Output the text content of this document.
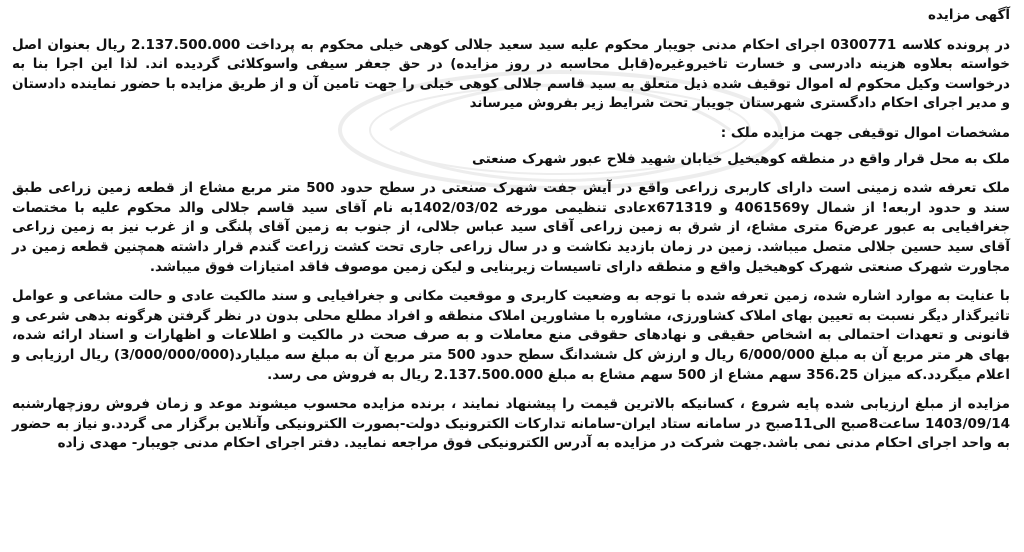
آگهی مزایده

در پرونده کلاسه 0300771 اجرای احکام مدنی جویبار محکوم علیه سید سعید جلالی کوهی خیلی محکوم به پرداخت 2.137.500.000 ریال بعنوان اصل خواسته بعلاوه هزینه دادرسی و خسارت تاخیروغیره(قابل محاسبه در روز مزایده) در حق جعفر سیفی واسوکلائی گردیده اند. لذا این اجرا بنا به درخواست وکیل محکوم له اموال توقیف شده ذیل متعلق به سید قاسم جلالی کوهی خیلی را جهت تامین آن و از طریق مزایده با حضور نماینده دادستان و مدیر اجرای احکام دادگستری شهرستان جویبار تحت شرایط زیر بفروش میرساند

مشخصات اموال توقیفی جهت مزایده ملک :

ملک به محل قرار واقع در منطقه کوهیخیل خیابان شهید فلاح عبور شهرک صنعتی

ملک تعرفه شده زمینی است دارای کاربری زراعی واقع در آیش جفت شهرک صنعتی در سطح حدود 500 متر مربع مشاع از قطعه زمین زراعی طبق سند و حدود اربعه! از شمال 4061569y و x671319عادی تنظیمی مورخه 1402/03/02به نام آقای سید قاسم جلالی والد محکوم علیه با مختصات جغرافیایی به عبور عرض6 متری مشاع، از شرق به زمین زراعی آقای سید عباس جلالی، از جنوب به زمین آقای پلنگی و از غرب نیز به زمین زراعی آقای سید حسین جلالی متصل میباشد. زمین در زمان بازدید نکاشت و در سال زراعی جاری تحت کشت زراعت گندم قرار داشته همچنین قطعه زمین در مجاورت شهرک صنعتی شهرک کوهیخیل واقع و منطقه دارای تاسیسات زیربنایی و لیکن زمین موصوف فاقد امتیازات فوق میباشد.

با عنایت به موارد اشاره شده، زمین تعرفه شده با توجه به وضعیت کاربری و موقعیت مکانی و جغرافیایی و سند مالکیت عادی و حالت مشاعی و عوامل تاثیرگذار دیگر نسبت به تعیین بهای املاک کشاورزی، مشاوره با مشاورین املاک منطقه و افراد مطلع محلی بدون در نظر گرفتن هرگونه بدهی شرعی و قانونی و تعهدات احتمالی به اشخاص حقیقی و نهادهای حقوقی منع معاملات و به صرف صحت در مالکیت و اطلاعات و اظهارات و اسناد ارائه شده، بهای هر متر مربع آن به مبلغ 6/000/000 ریال و ارزش کل ششدانگ سطح حدود 500 متر مربع آن به مبلغ سه میلیارد(3/000/000/000) ریال ارزیابی و اعلام میگردد.که میزان 356.25 سهم مشاع از 500 سهم مشاع به مبلغ 2.137.500.000 ریال به فروش می رسد.

مزایده از مبلغ ارزیابی شده پایه شروع ، کسانیکه بالاترین قیمت را پیشنهاد نمایند ، برنده مزایده محسوب میشوند موعد و زمان فروش روزچهارشنبه 1403/09/14 ساعت8صبح الی11صبح در سامانه ستاد ایران-سامانه تدارکات الکترونیک دولت-بصورت الکترونیکی وآنلاین برگزار می گردد.و نیاز به حضور به واحد اجرای احکام مدنی نمی باشد.جهت شرکت در مزایده به آدرس الکترونیکی فوق مراجعه نمایید. دفتر اجرای احکام مدنی جویبار- مهدی زاده
